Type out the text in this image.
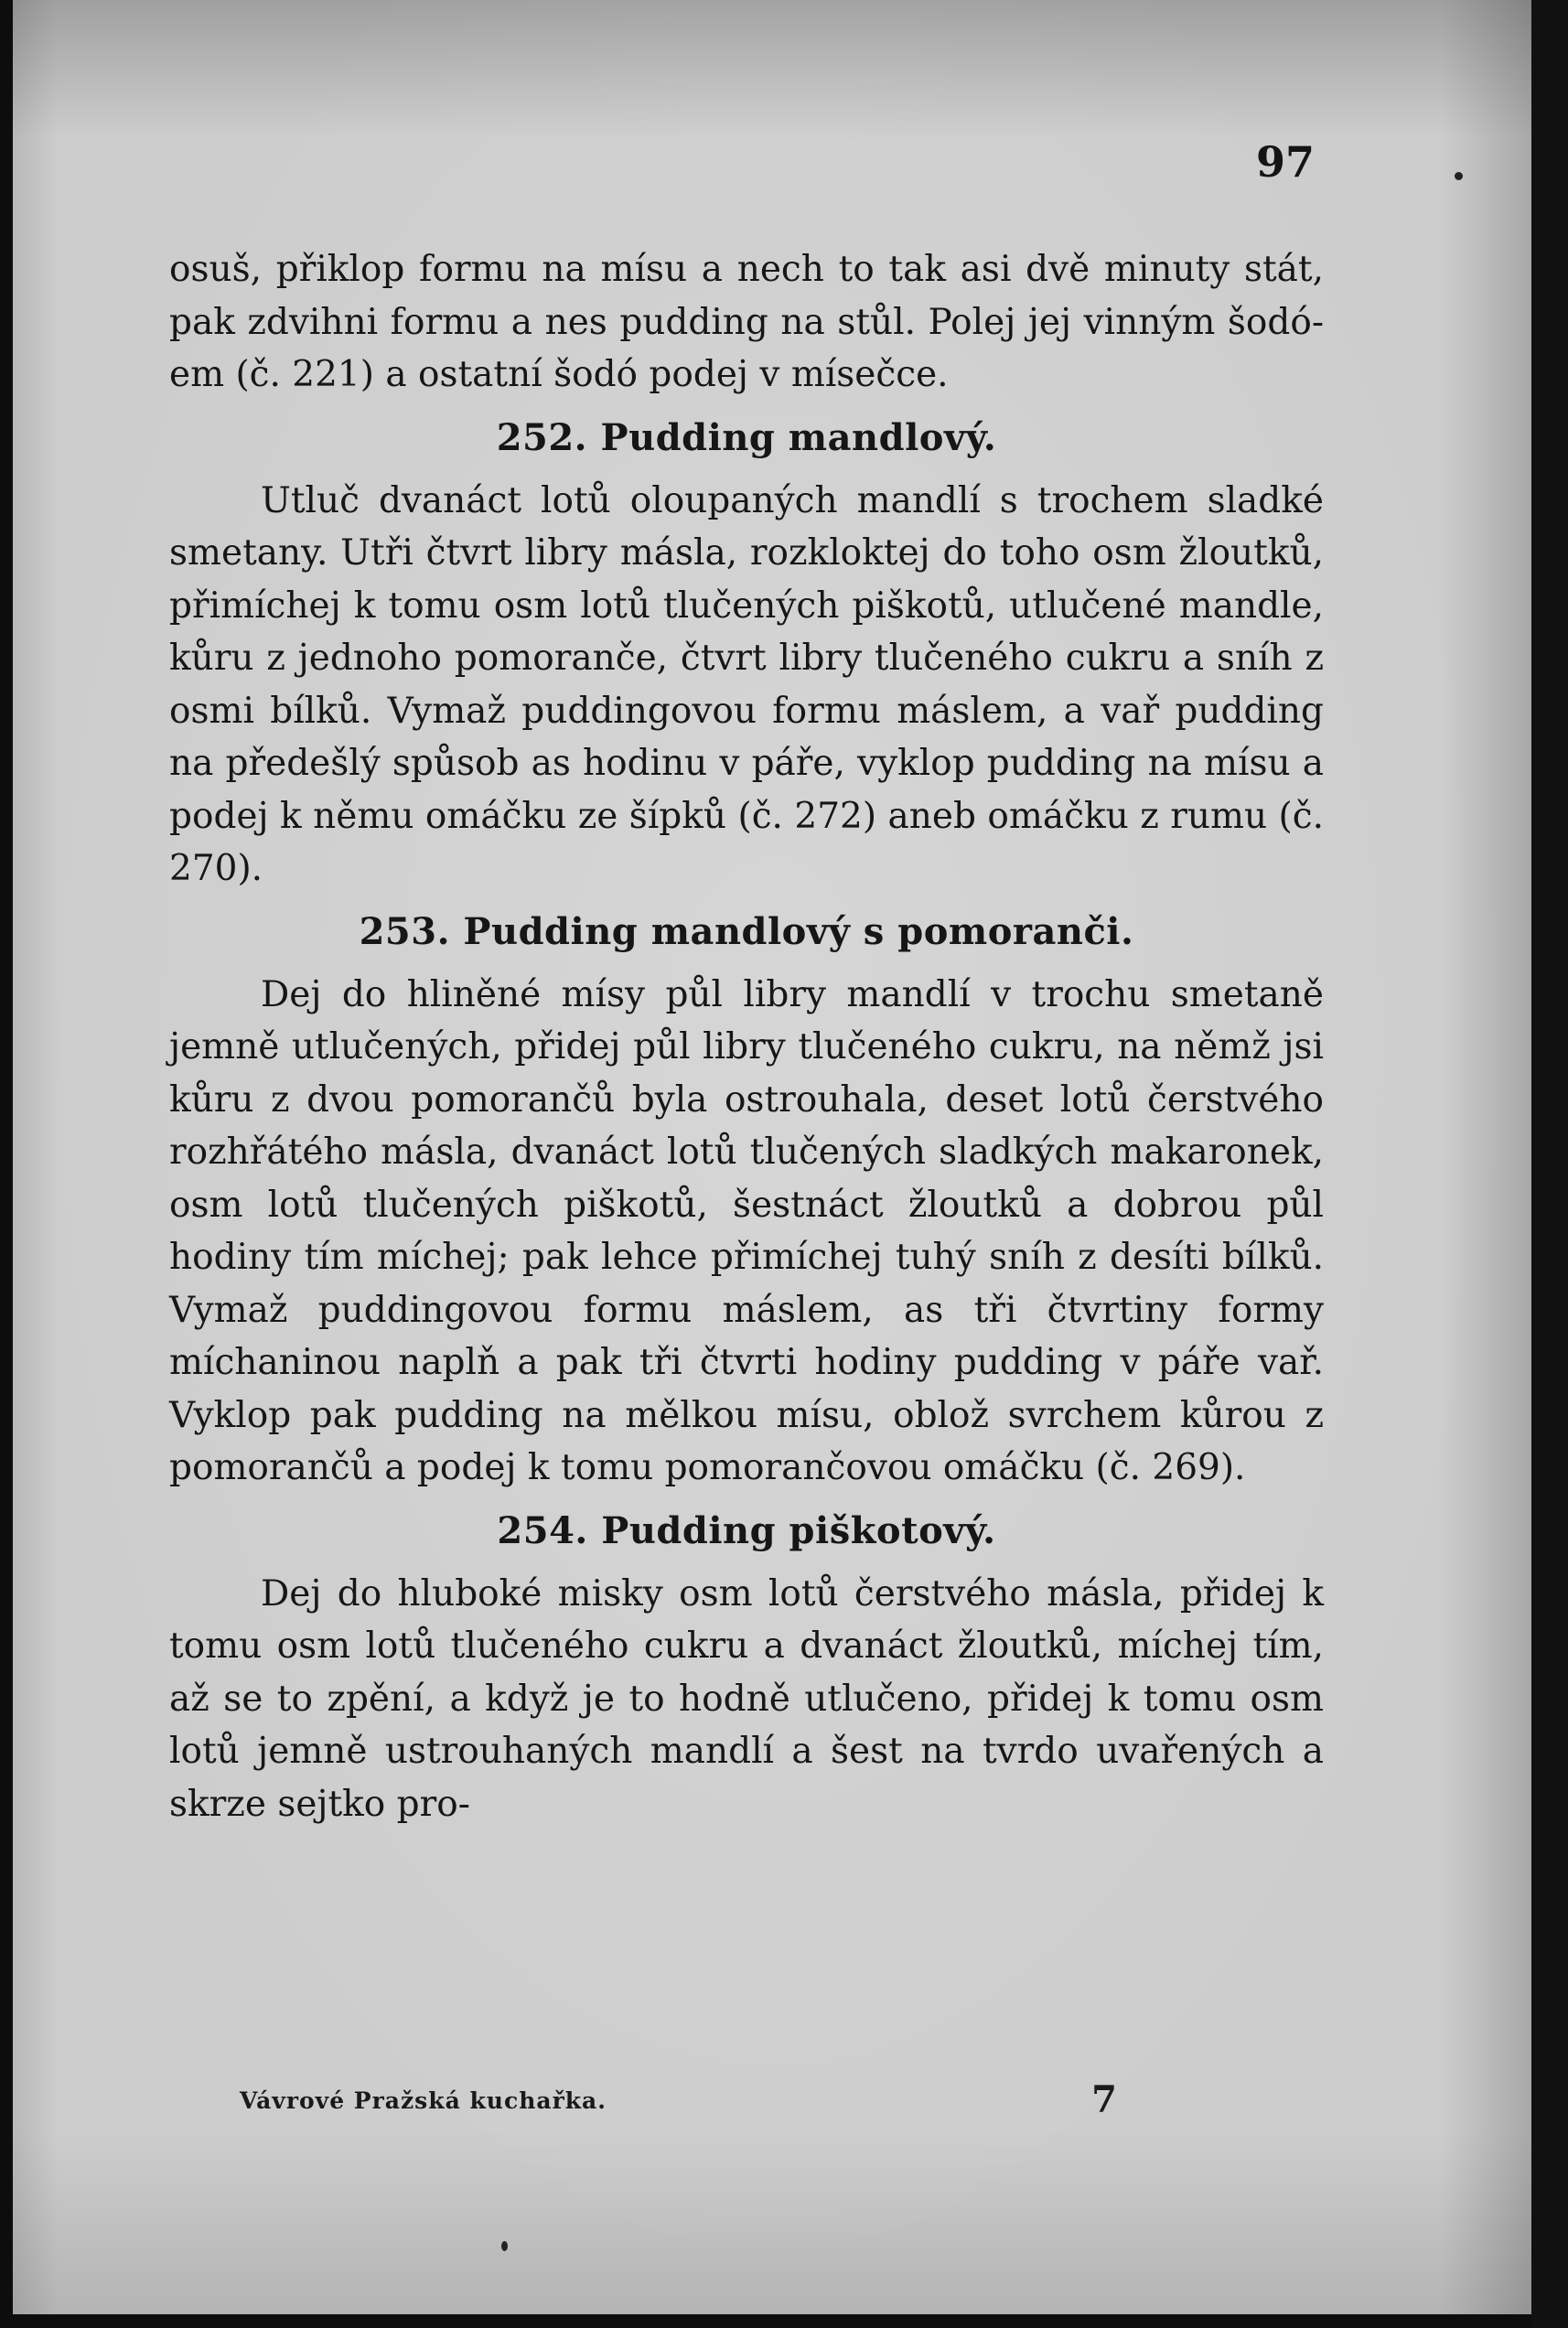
97

osuš, přiklop formu na mísu a nech to tak asi dvě minuty stát, pak zdvihni formu a nes pudding na stůl. Polej jej vinným šodó-em (č. 221) a ostatní šodó podej v mísečce.

252. Pudding mandlový.

Utluč dvanáct lotů oloupaných mandlí s trochem sladké smetany. Utři čtvrt libry másla, rozkloktej do toho osm žloutků, přimíchej k tomu osm lotů tlučených piškotů, utlučené mandle, kůru z jednoho pomoranče, čtvrt libry tlučeného cukru a sníh z osmi bílků. Vymaž puddingovou formu máslem, a vař pudding na předešlý spůsob as hodinu v páře, vyklop pudding na mísu a podej k němu omáčku ze šípků (č. 272) aneb omáčku z rumu (č. 270).

253. Pudding mandlový s pomoranči.

Dej do hliněné mísy půl libry mandlí v trochu smetaně jemně utlučených, přidej půl libry tlučeného cukru, na němž jsi kůru z dvou pomorančů byla ostrouhala, deset lotů čerstvého rozhřátého másla, dvanáct lotů tlučených sladkých makaronek, osm lotů tlučených piškotů, šestnáct žloutků a dobrou půl hodiny tím míchej; pak lehce přimíchej tuhý sníh z desíti bílků. Vymaž puddingovou formu máslem, as tři čtvrtiny formy míchaninou naplň a pak tři čtvrti hodiny pudding v páře vař. Vyklop pak pudding na mělkou mísu, oblož svrchem kůrou z pomorančů a podej k tomu pomorančovou omáčku (č. 269).

254. Pudding piškotový.

Dej do hluboké misky osm lotů čerstvého másla, přidej k tomu osm lotů tlučeného cukru a dvanáct žloutků, míchej tím, až se to zpění, a když je to hodně utlučeno, přidej k tomu osm lotů jemně ustrouhaných mandlí a šest na tvrdo uvařených a skrze sejtko pro-

Vávrové Pražská kuchařka.	7
